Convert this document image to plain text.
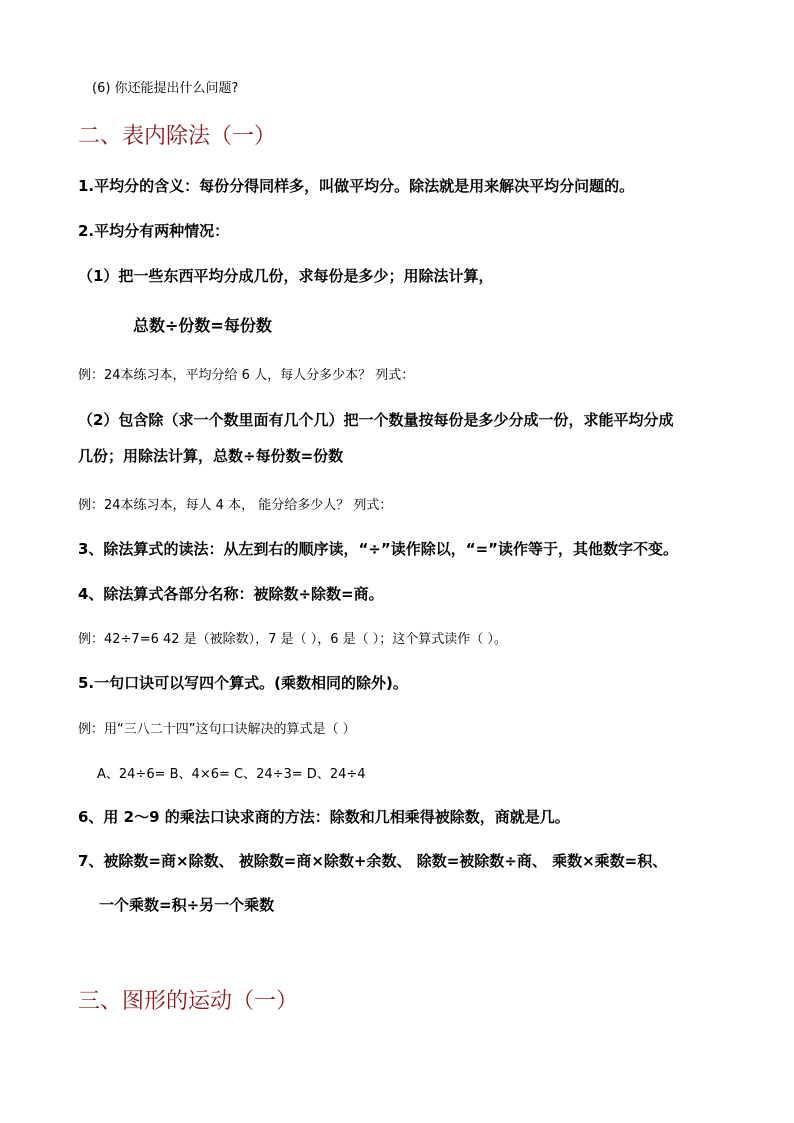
(6) 你还能提出什么问题?
二、表内除法（一）
1.平均分的含义：每份分得同样多，叫做平均分。除法就是用来解决平均分问题的。
2.平均分有两种情况：
（1）把一些东西平均分成几份，求每份是多少；用除法计算，
总数÷份数=每份数
例：24本练习本，平均分给 6 人，每人分多少本？ 列式：
（2）包含除（求一个数里面有几个几）把一个数量按每份是多少分成一份，求能平均分成
几份；用除法计算，总数÷每份数=份数
例：24本练习本，每人 4 本， 能分给多少人？ 列式：
3、除法算式的读法：从左到右的顺序读，“÷”读作除以，“=”读作等于，其他数字不变。
4、除法算式各部分名称：被除数÷除数=商。
例：42÷7=6 42 是（被除数），7 是（ ），6 是（ ）；这个算式读作（ ）。
5.一句口诀可以写四个算式。(乘数相同的除外)。
例：用“三八二十四”这句口诀解决的算式是（ ）
A、24÷6= B、4×6= C、24÷3= D、24÷4
6、用 2～9 的乘法口诀求商的方法：除数和几相乘得被除数，商就是几。
7、被除数=商×除数、 被除数=商×除数+余数、 除数=被除数÷商、 乘数×乘数=积、
一个乘数=积÷另一个乘数
三、图形的运动（一）
